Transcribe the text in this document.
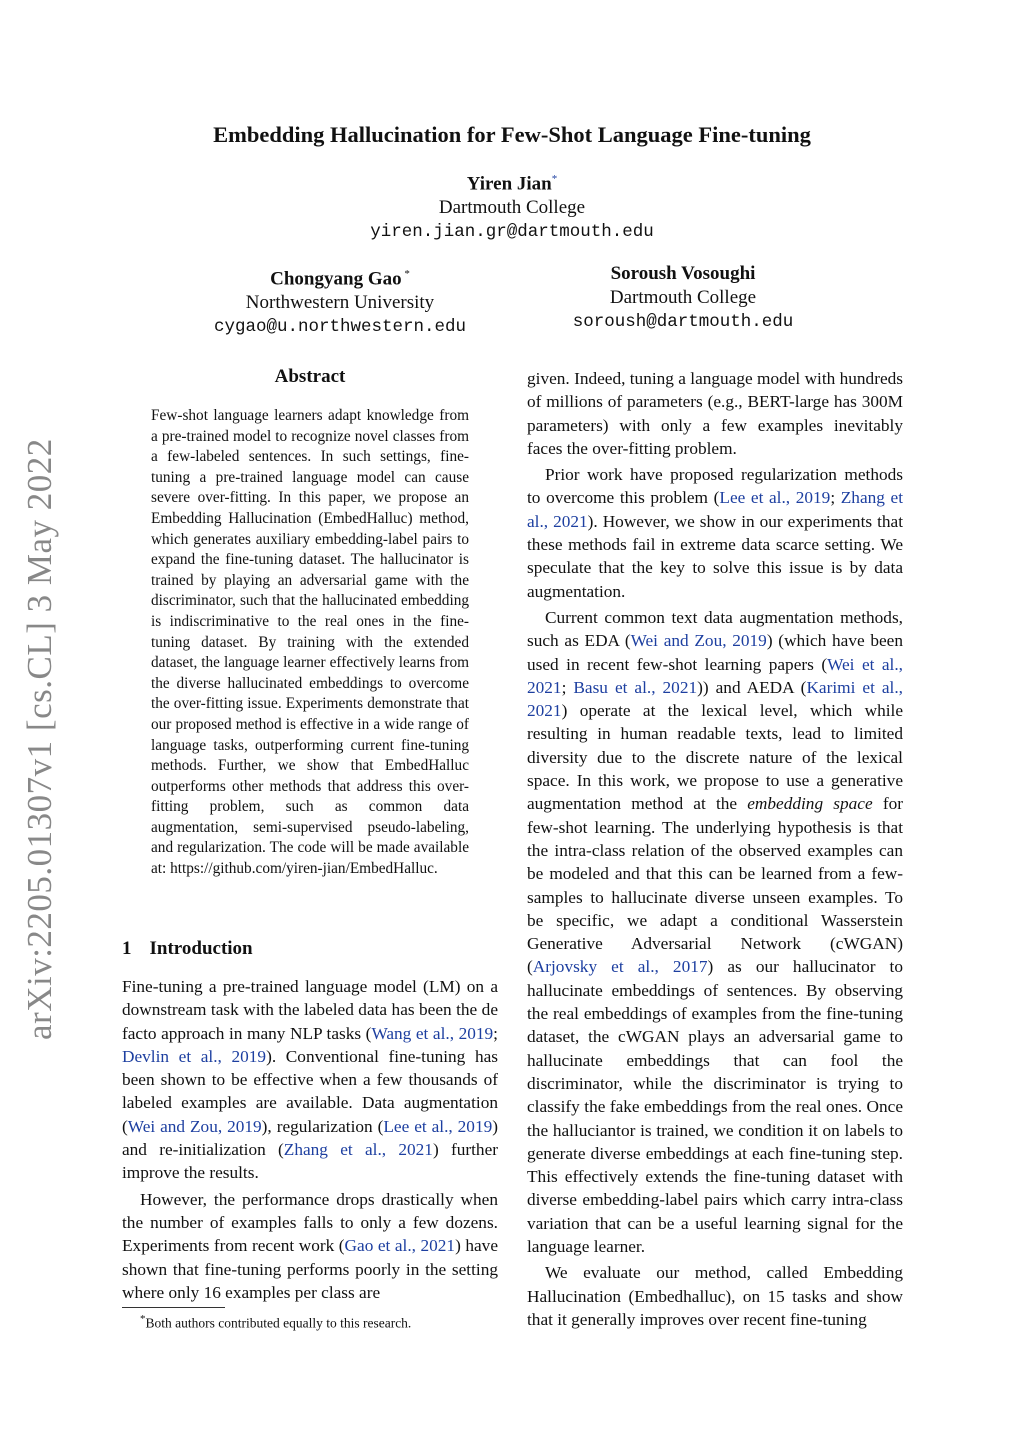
arXiv:2205.01307v1 [cs.CL] 3 May 2022
Embedding Hallucination for Few-Shot Language Fine-tuning
Yiren Jian*
Dartmouth College
yiren.jian.gr@dartmouth.edu
Chongyang Gao *
Northwestern University
cygao@u.northwestern.edu
Soroush Vosoughi
Dartmouth College
soroush@dartmouth.edu
Abstract
Few-shot language learners adapt knowledge from a pre-trained model to recognize novel classes from a few-labeled sentences. In such settings, fine-tuning a pre-trained language model can cause severe over-fitting. In this paper, we propose an Embedding Hallucination (EmbedHalluc) method, which generates auxiliary embedding-label pairs to expand the fine-tuning dataset. The hallucinator is trained by playing an adversarial game with the discriminator, such that the hallucinated embedding is indiscriminative to the real ones in the fine-tuning dataset. By training with the extended dataset, the language learner effectively learns from the diverse hallucinated embeddings to overcome the over-fitting issue. Experiments demonstrate that our proposed method is effective in a wide range of language tasks, outperforming current fine-tuning methods. Further, we show that EmbedHalluc outperforms other methods that address this over-fitting problem, such as common data augmentation, semi-supervised pseudo-labeling, and regularization. The code will be made available at: https://github.com/yiren-jian/EmbedHalluc.
1 Introduction

Fine-tuning a pre-trained language model (LM) on a downstream task with the labeled data has been the de facto approach in many NLP tasks (Wang et al., 2019; Devlin et al., 2019). Conventional fine-tuning has been shown to be effective when a few thousands of labeled examples are available. Data augmentation (Wei and Zou, 2019), regularization (Lee et al., 2019) and re-initialization (Zhang et al., 2021) further improve the results.

However, the performance drops drastically when the number of examples falls to only a few dozens. Experiments from recent work (Gao et al., 2021) have shown that fine-tuning performs poorly in the setting where only 16 examples per class are

given. Indeed, tuning a language model with hundreds of millions of parameters (e.g., BERT-large has 300M parameters) with only a few examples inevitably faces the over-fitting problem.

Prior work have proposed regularization methods to overcome this problem (Lee et al., 2019; Zhang et al., 2021). However, we show in our experiments that these methods fail in extreme data scarce setting. We speculate that the key to solve this issue is by data augmentation.

Current common text data augmentation methods, such as EDA (Wei and Zou, 2019) (which have been used in recent few-shot learning papers (Wei et al., 2021; Basu et al., 2021)) and AEDA (Karimi et al., 2021) operate at the lexical level, which while resulting in human readable texts, lead to limited diversity due to the discrete nature of the lexical space. In this work, we propose to use a generative augmentation method at the embedding space for few-shot learning. The underlying hypothesis is that the intra-class relation of the observed examples can be modeled and that this can be learned from a few-samples to hallucinate diverse unseen examples. To be specific, we adapt a conditional Wasserstein Generative Adversarial Network (cWGAN) (Arjovsky et al., 2017) as our hallucinator to hallucinate embeddings of sentences. By observing the real embeddings of examples from the fine-tuning dataset, the cWGAN plays an adversarial game to hallucinate embeddings that can fool the discriminator, while the discriminator is trying to classify the fake embeddings from the real ones. Once the halluciantor is trained, we condition it on labels to generate diverse embeddings at each fine-tuning step. This effectively extends the fine-tuning dataset with diverse embedding-label pairs which carry intra-class variation that can be a useful learning signal for the language learner.

We evaluate our method, called Embedding Hallucination (Embedhalluc), on 15 tasks and show that it generally improves over recent fine-tuning

*Both authors contributed equally to this research.
